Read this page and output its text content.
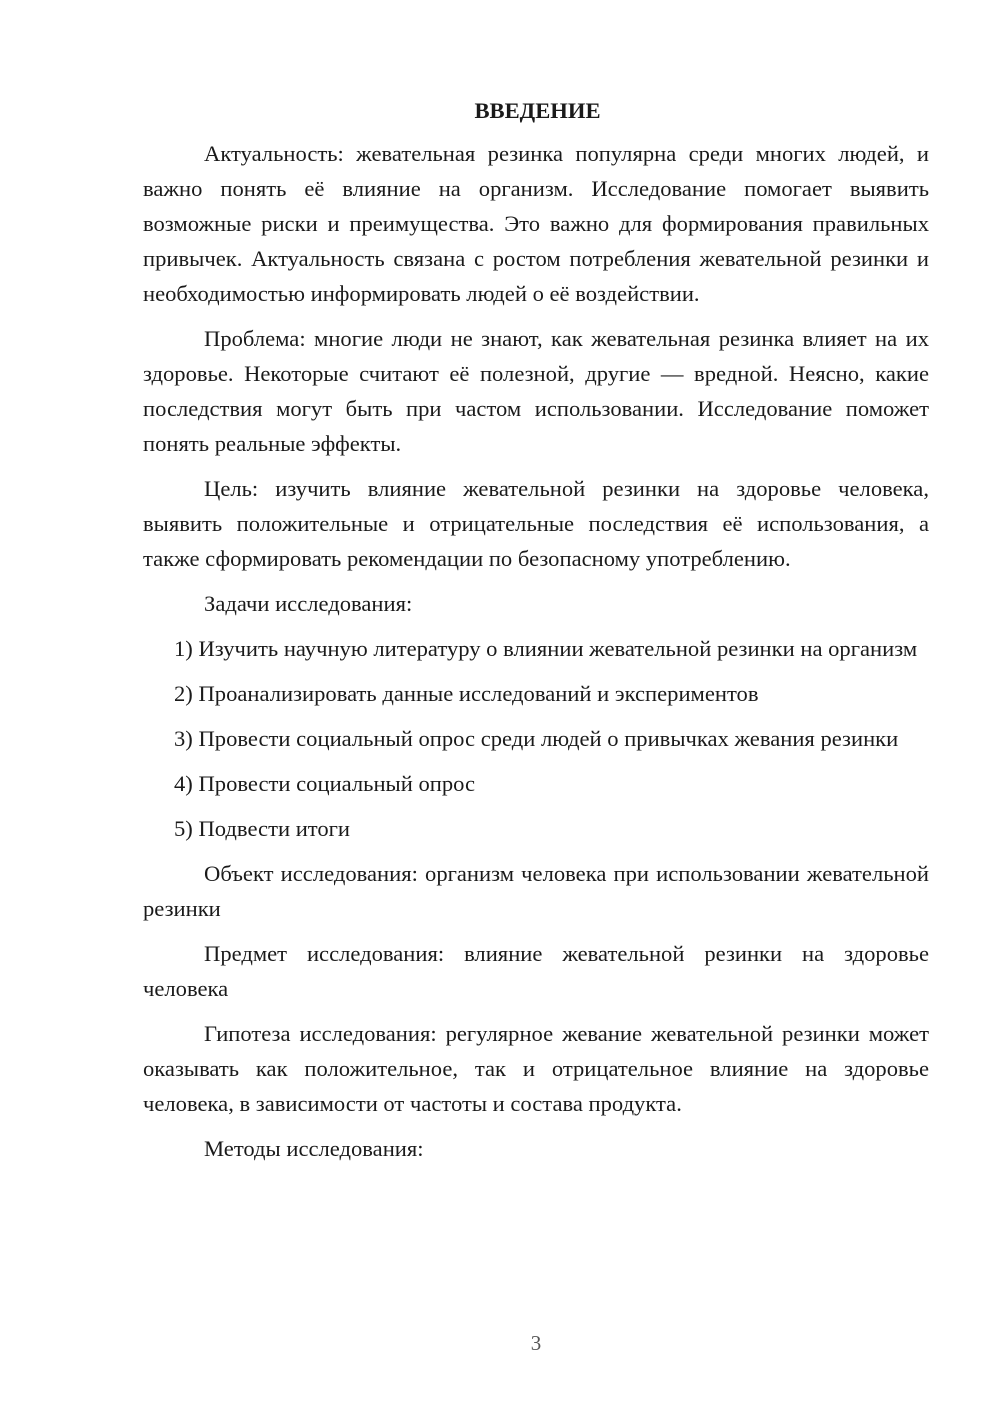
ВВЕДЕНИЕ

Актуальность: жевательная резинка популярна среди многих людей, и важно понять её влияние на организм. Исследование помогает выявить возможные риски и преимущества. Это важно для формирования правильных привычек. Актуальность связана с ростом потребления жевательной резинки и необходимостью информировать людей о её воздействии.

Проблема: многие люди не знают, как жевательная резинка влияет на их здоровье. Некоторые считают её полезной, другие — вредной. Неясно, какие последствия могут быть при частом использовании. Исследование поможет понять реальные эффекты.

Цель: изучить влияние жевательной резинки на здоровье человека, выявить положительные и отрицательные последствия её использования, а также сформировать рекомендации по безопасному употреблению.

Задачи исследования:

1) Изучить научную литературу о влиянии жевательной резинки на организм

2) Проанализировать данные исследований и экспериментов

3) Провести социальный опрос среди людей о привычках жевания резинки

4) Провести социальный опрос

5) Подвести итоги

Объект исследования: организм человека при использовании жевательной резинки

Предмет исследования: влияние жевательной резинки на здоровье человека

Гипотеза исследования: регулярное жевание жевательной резинки может оказывать как положительное, так и отрицательное влияние на здоровье человека, в зависимости от частоты и состава продукта.

Методы исследования:

3
